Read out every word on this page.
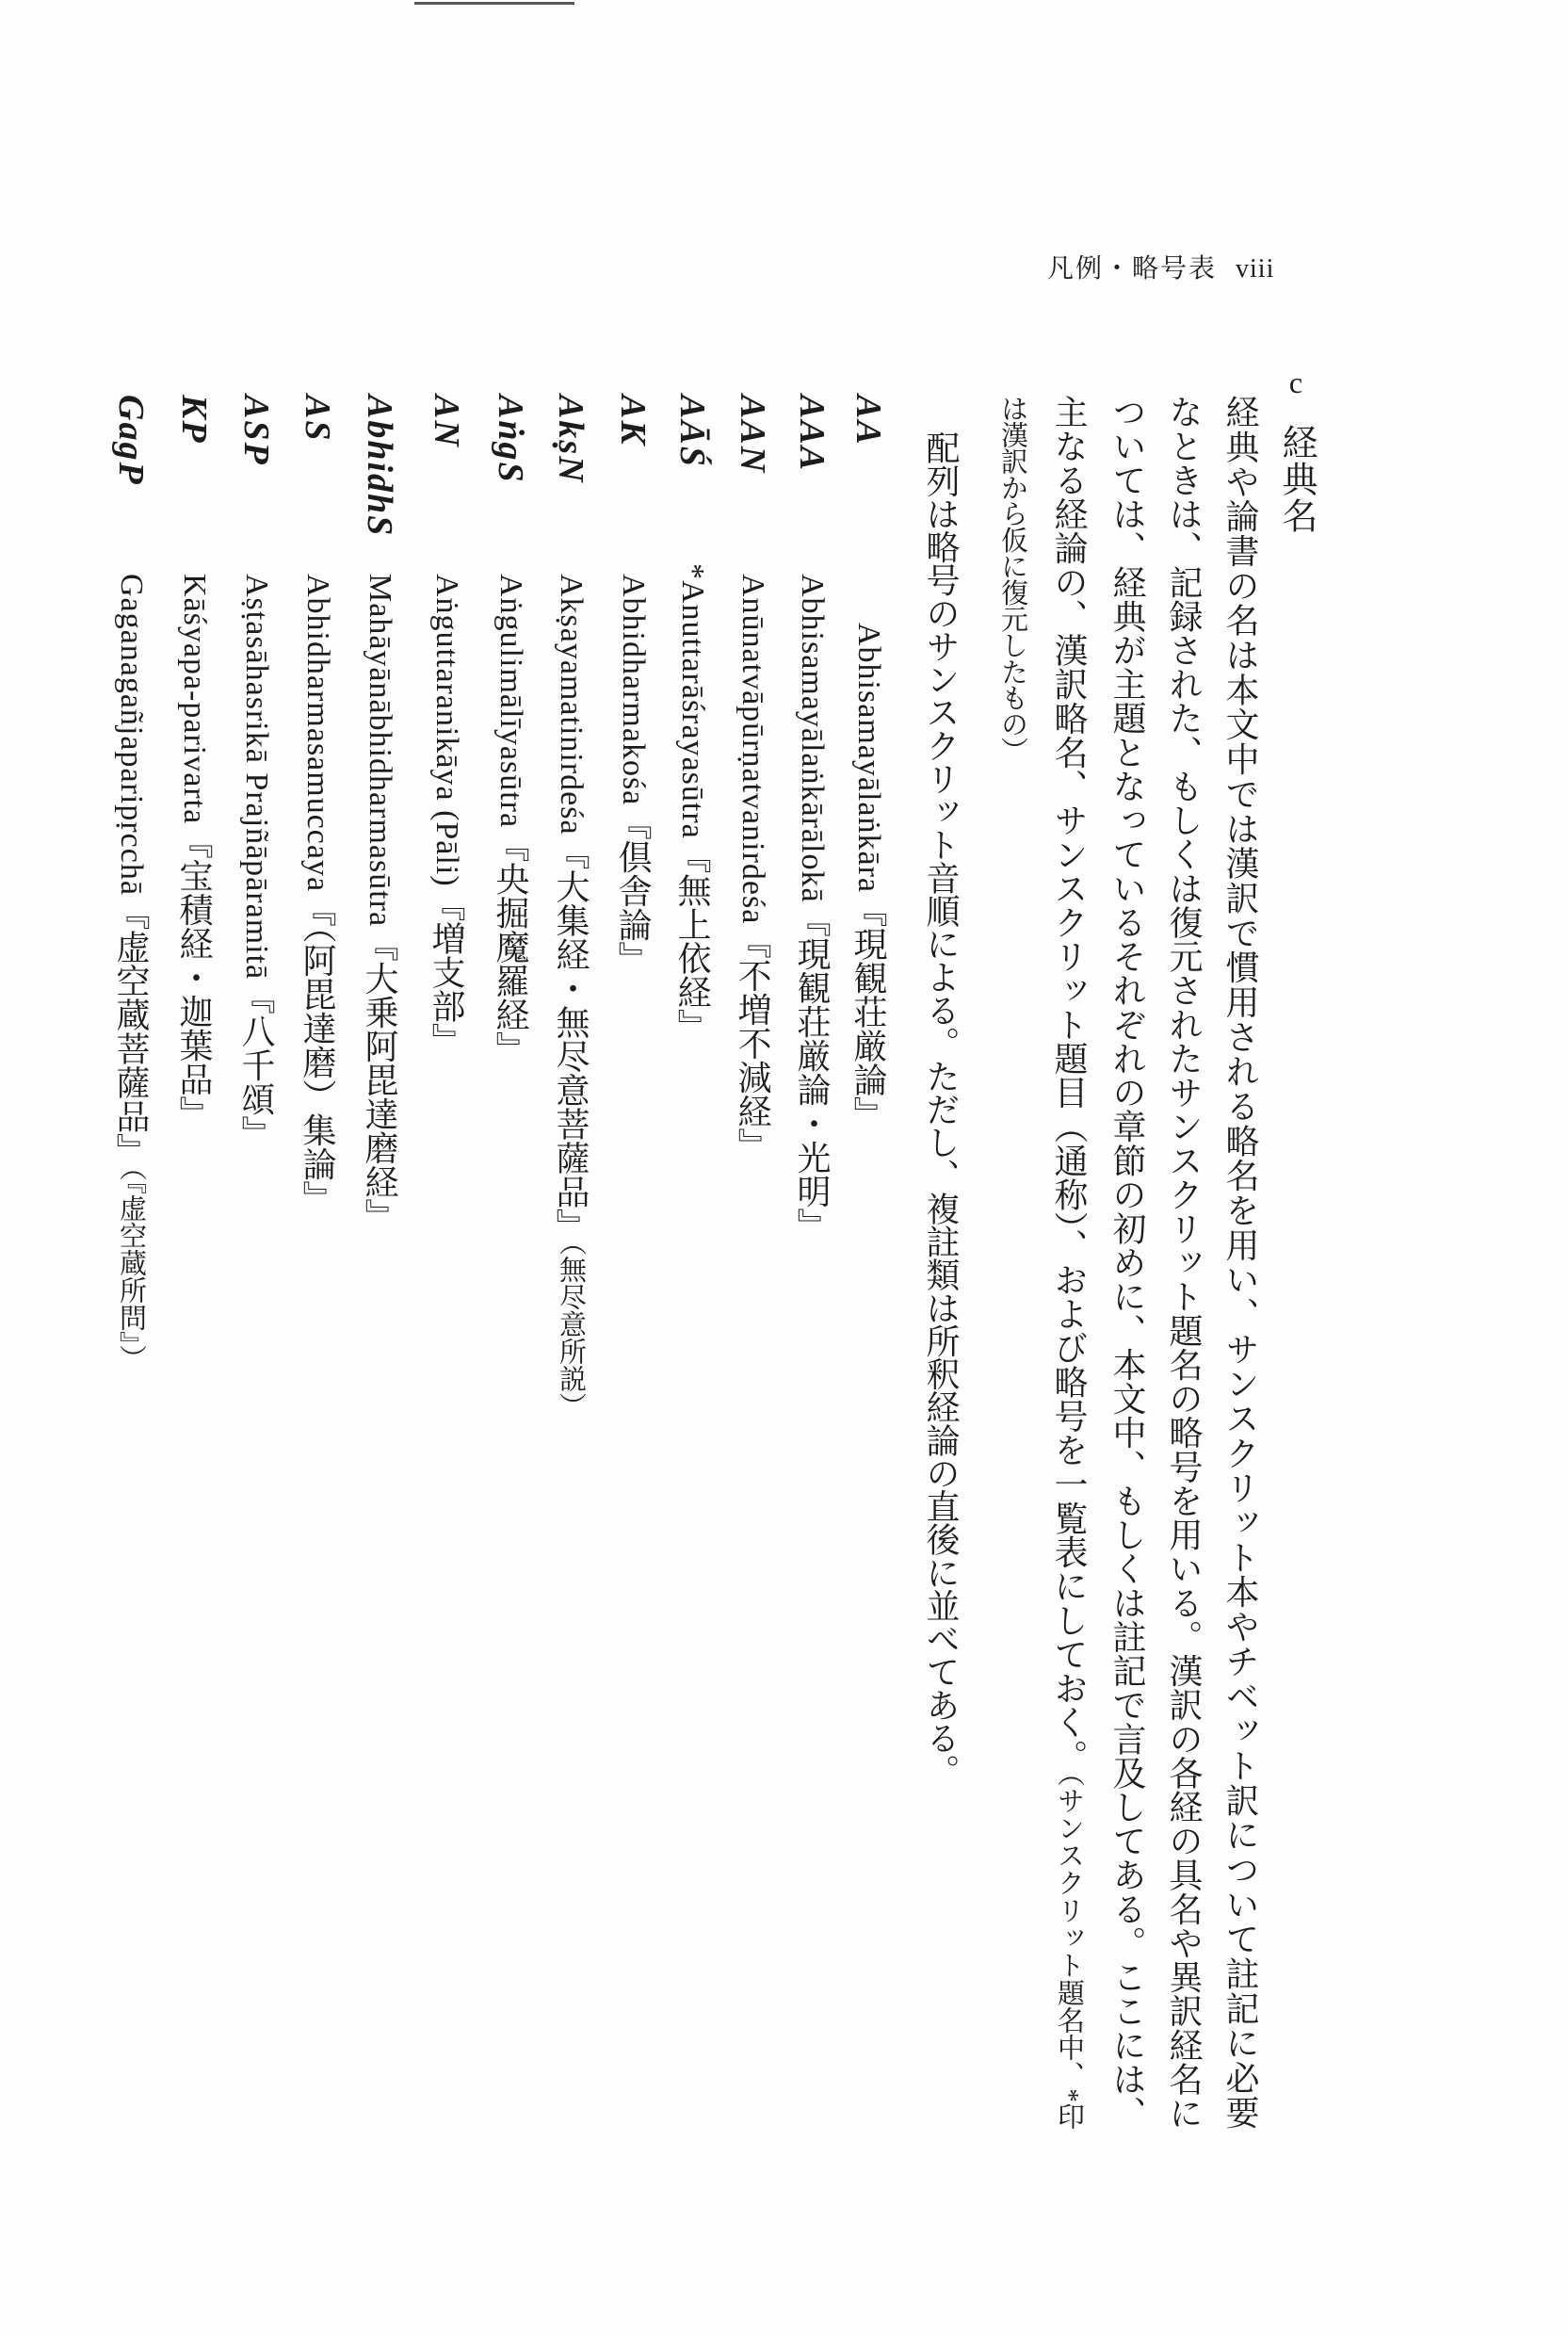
凡例・略号表 viii
c
経典名
経典や論書の名は本文中では漢訳で慣用される略名を用い、サンスクリット本やチベット訳について註記に必要
なときは、記録された、もしくは復元されたサンスクリット題名の略号を用いる。漢訳の各経の具名や異訳経名に
ついては、経典が主題となっているそれぞれの章節の初めに、本文中、もしくは註記で言及してある。ここには、
主なる経論の、漢訳略名、サンスクリット題目（通称）、および略号を一覧表にしておく。（サンスクリット題名中、*印
は漢訳から仮に復元したもの）
配列は略号のサンスクリット音順による。ただし、複註類は所釈経論の直後に並べてある。
AA
Abhisamayālaṅkāra『現観荘厳論』
AAA
Abhisamayālaṅkārālokā『現観荘厳論・光明』
AAN
Anūnatvāpūrṇatvanirdeśa『不増不減経』
AĀŚ
*Anuttarāśrayasūtra『無上依経』
AK
Abhidharmakośa『倶舎論』
AkṣN
Akṣayamatinirdeśa『大集経・無尽意菩薩品』（無尽意所説）
AṅgS
Aṅgulimālīyasūtra『央掘魔羅経』
AN
Aṅguttaranikāya (Pāli)『増支部』
AbhidhS
Mahāyānābhidharmasūtra『大乗阿毘達磨経』
AS
Abhidharmasamuccaya『（阿毘達磨）集論』
ASP
Aṣṭasāhasrikā Prajñāpāramitā『八千頌』
KP
Kāśyapa-parivarta『宝積経・迦葉品』
GagP
Gaganagañjaparipṛcchā『虚空蔵菩薩品』（『虚空蔵所問』）
